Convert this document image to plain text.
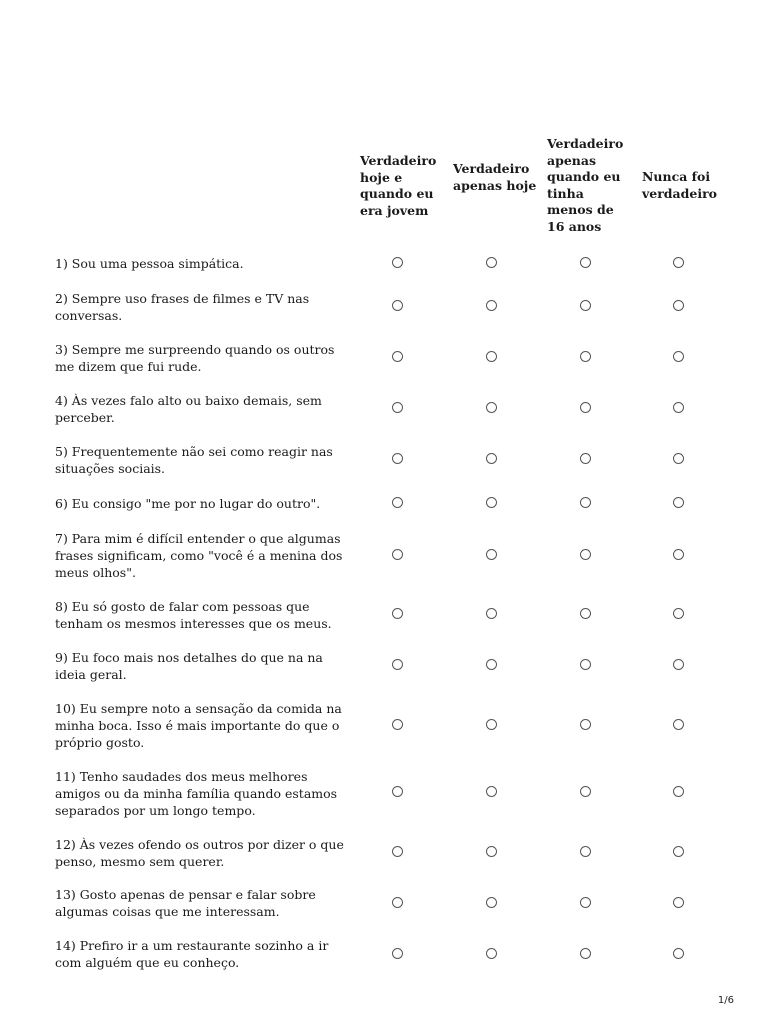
Verdadeiro hoje e quando eu era jovem
Verdadeiro apenas hoje
Verdadeiro apenas quando eu tinha menos de 16 anos
Nunca foi verdadeiro
1) Sou uma pessoa simpática.
2) Sempre uso frases de filmes e TV nas conversas.
3) Sempre me surpreendo quando os outros me dizem que fui rude.
4) Às vezes falo alto ou baixo demais, sem perceber.
5) Frequentemente não sei como reagir nas situações sociais.
6) Eu consigo "me por no lugar do outro".
7) Para mim é difícil entender o que algumas frases significam, como "você é a menina dos meus olhos".
8) Eu só gosto de falar com pessoas que tenham os mesmos interesses que os meus.
9) Eu foco mais nos detalhes do que na na ideia geral.
10) Eu sempre noto a sensação da comida na minha boca. Isso é mais importante do que o próprio gosto.
11) Tenho saudades dos meus melhores amigos ou da minha família quando estamos separados por um longo tempo.
12) Às vezes ofendo os outros por dizer o que penso, mesmo sem querer.
13) Gosto apenas de pensar e falar sobre algumas coisas que me interessam.
14) Prefiro ir a um restaurante sozinho a ir com alguém que eu conheço.
1/6
